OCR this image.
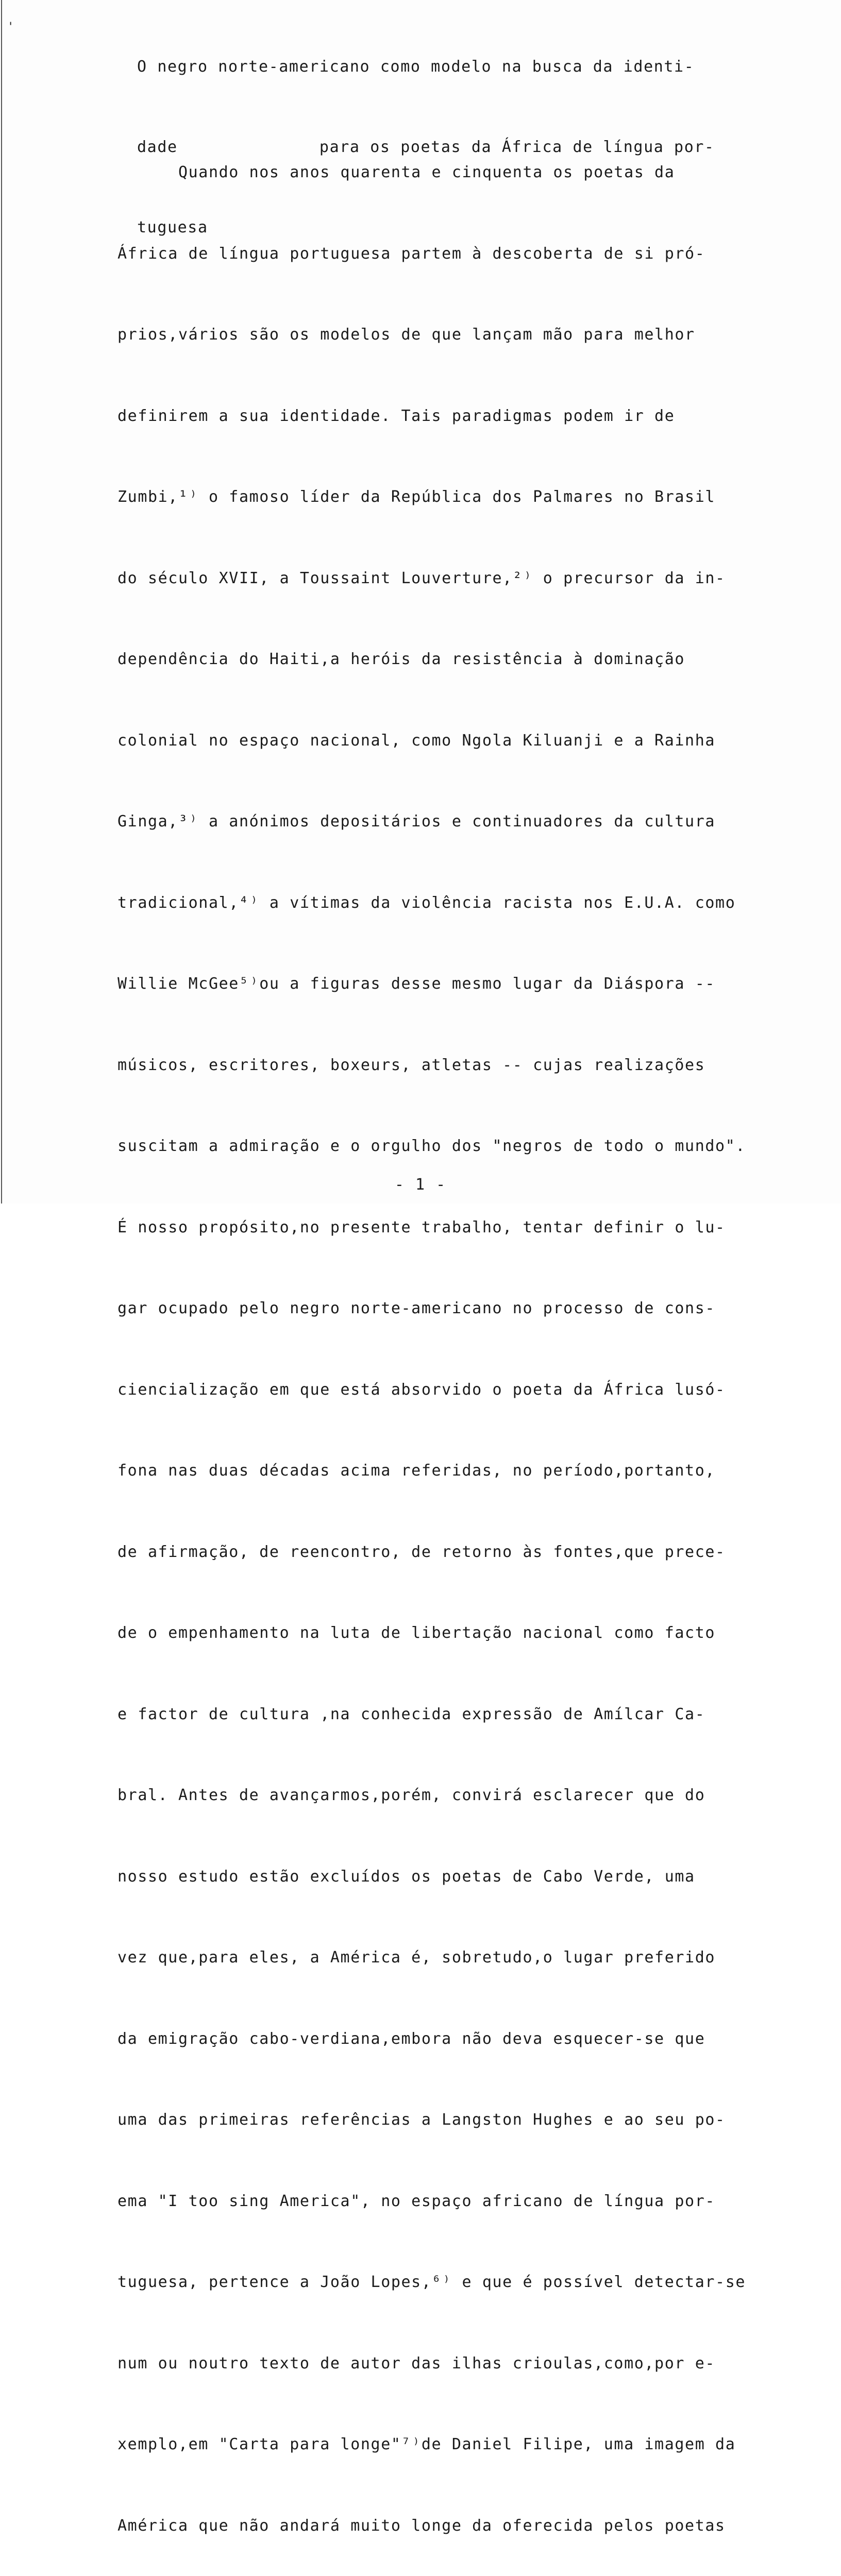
'

O negro norte-americano como modelo na busca da identi-

dade              para os poetas da África de língua por-

tuguesa

Quando nos anos quarenta e cinquenta os poetas da

África de língua portuguesa partem à descoberta de si pró-

prios,vários são os modelos de que lançam mão para melhor

definirem a sua identidade. Tais paradigmas podem ir de

Zumbi,¹⁾ o famoso líder da República dos Palmares no Brasil

do século XVII, a Toussaint Louverture,²⁾ o precursor da in-

dependência do Haiti,a heróis da resistência à dominação

colonial no espaço nacional, como Ngola Kiluanji e a Rainha

Ginga,³⁾ a anónimos depositários e continuadores da cultura

tradicional,⁴⁾ a vítimas da violência racista nos E.U.A. como

Willie McGee⁵⁾ou a figuras desse mesmo lugar da Diáspora --

músicos, escritores, boxeurs, atletas -- cujas realizações

suscitam a admiração e o orgulho dos "negros de todo o mundo".

É nosso propósito,no presente trabalho, tentar definir o lu-

gar ocupado pelo negro norte-americano no processo de cons-

ciencialização em que está absorvido o poeta da África lusó-

fona nas duas décadas acima referidas, no período,portanto,

de afirmação, de reencontro, de retorno às fontes,que prece-

de o empenhamento na luta de libertação nacional como facto

e factor de cultura ,na conhecida expressão de Amílcar Ca-

bral. Antes de avançarmos,porém, convirá esclarecer que do

nosso estudo estão excluídos os poetas de Cabo Verde, uma

vez que,para eles, a América é, sobretudo,o lugar preferido

da emigração cabo-verdiana,embora não deva esquecer-se que

uma das primeiras referências a Langston Hughes e ao seu po-

ema "I too sing America", no espaço africano de língua por-

tuguesa, pertence a João Lopes,⁶⁾ e que é possível detectar-se

num ou noutro texto de autor das ilhas crioulas,como,por e-

xemplo,em "Carta para longe"⁷⁾de Daniel Filipe, uma imagem da

América que não andará muito longe da oferecida pelos poetas

- 1 -
